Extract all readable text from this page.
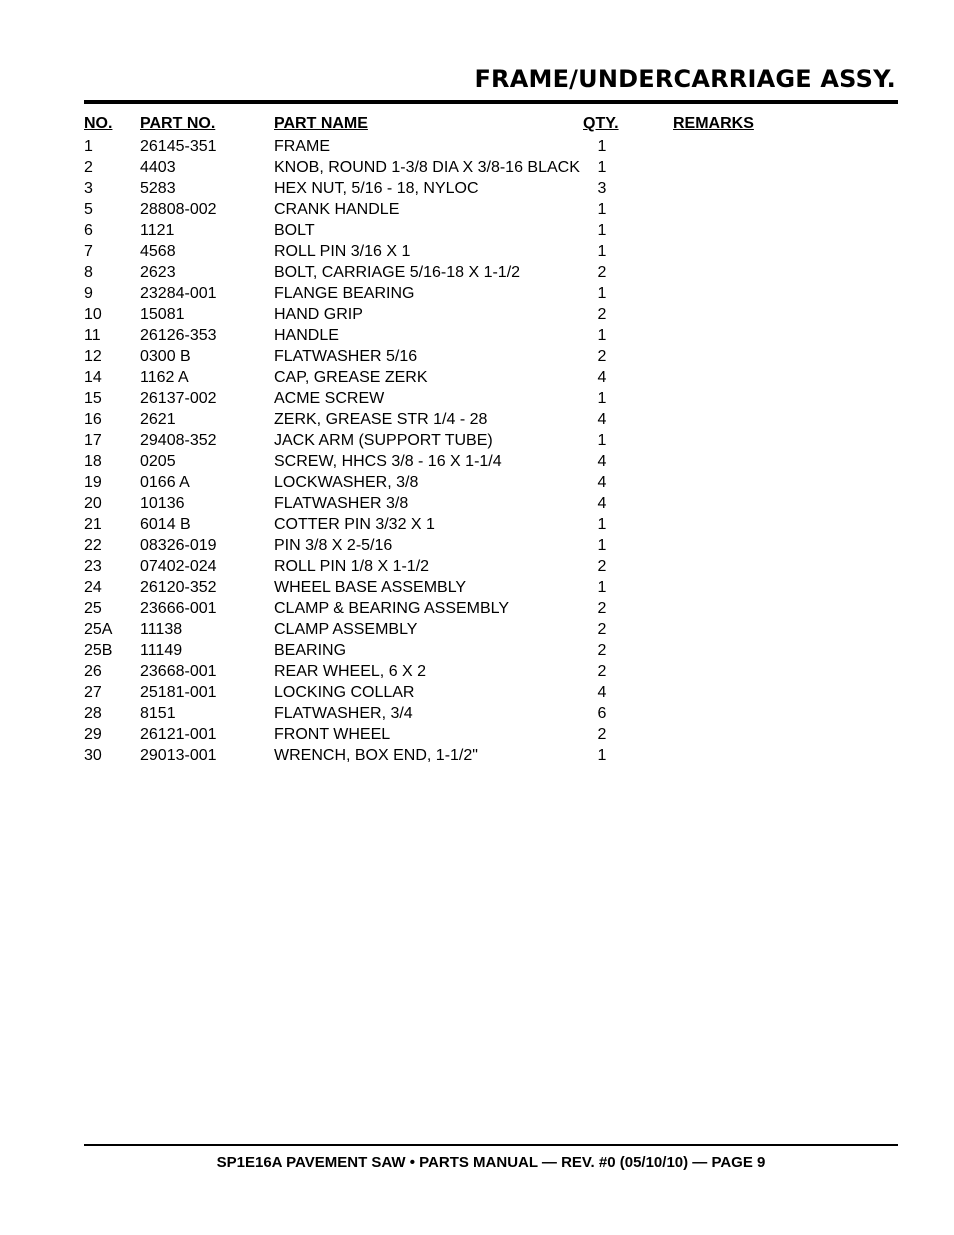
FRAME/UNDERCARRIAGE ASSY.
NO. PART NO.	PART NAME	QTY.	REMARKS
1	26145-351	FRAME	1
2	4403	KNOB, ROUND 1-3/8 DIA X 3/8-16 BLACK	1
3	5283	HEX NUT, 5/16 - 18, NYLOC	3
5	28808-002	CRANK HANDLE	1
6	1121	BOLT	1
7	4568	ROLL PIN 3/16 X 1	1
8	2623	BOLT, CARRIAGE 5/16-18 X 1-1/2	2
9	23284-001	FLANGE BEARING	1
10 15081	HAND GRIP	2
11 26126-353	HANDLE	1
12 0300 B	FLATWASHER 5/16	2
14 1162 A	CAP, GREASE ZERK	4
15 26137-002	ACME SCREW	1
16 2621	ZERK, GREASE STR 1/4 - 28	4
17 29408-352	JACK ARM (SUPPORT TUBE)	1
18 0205	SCREW, HHCS 3/8 - 16 X 1-1/4	4
19 0166 A	LOCKWASHER, 3/8	4
20 10136	FLATWASHER 3/8	4
21 6014 B	COTTER PIN 3/32 X 1	1
22 08326-019	PIN 3/8 X 2-5/16	1
23 07402-024	ROLL PIN 1/8 X 1-1/2	2
24 26120-352	WHEEL BASE ASSEMBLY	1
25 23666-001	CLAMP & BEARING ASSEMBLY	2
25A 11138	CLAMP ASSEMBLY	2
25B 11149	BEARING	2
26 23668-001	REAR WHEEL, 6 X 2	2
27 25181-001	LOCKING COLLAR	4
28 8151	FLATWASHER, 3/4	6
29 26121-001	FRONT WHEEL	2
30 29013-001	WRENCH, BOX END, 1-1/2"	1
SP1E16A PAVEMENT SAW • PARTS MANUAL — REV. #0 (05/10/10) — PAGE 9
